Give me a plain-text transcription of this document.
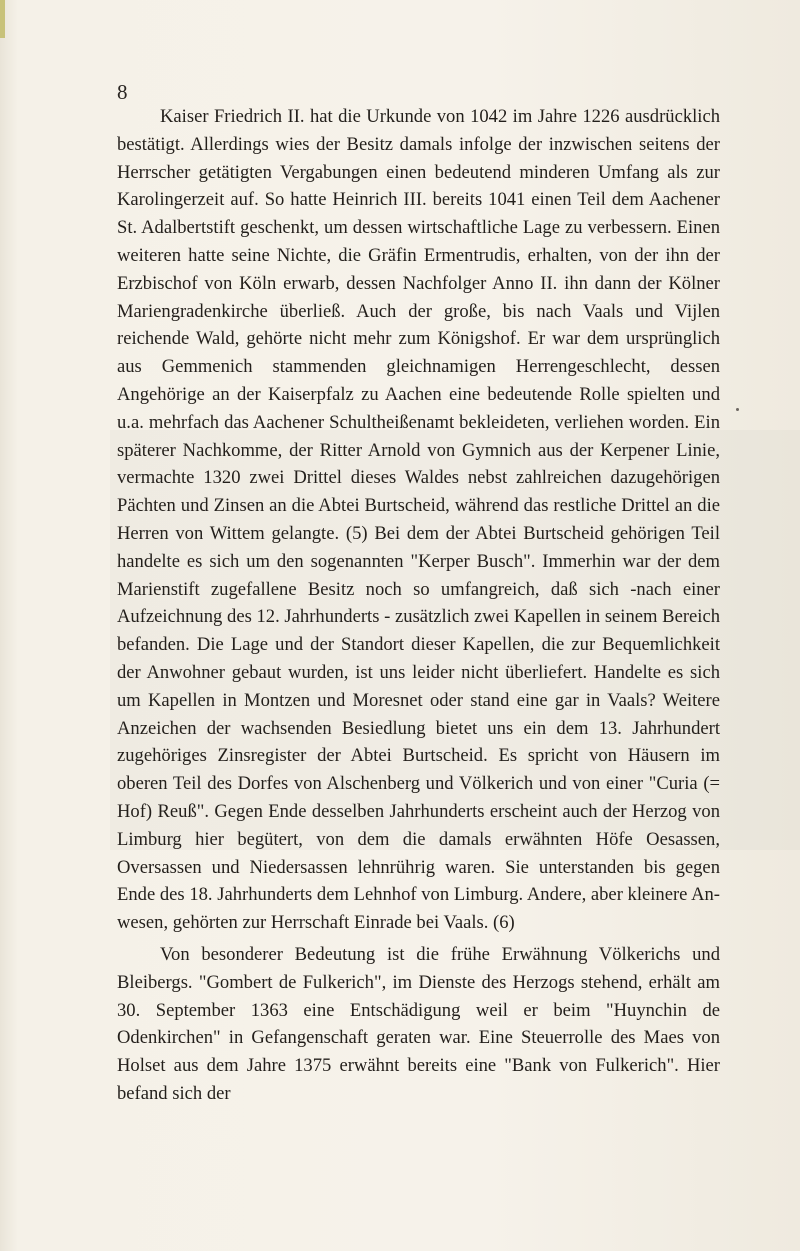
8

Kaiser Friedrich II. hat die Urkunde von 1042 im Jahre 1226 ausdrücklich bestätigt. Allerdings wies der Besitz damals infolge der inzwischen seitens der Herrscher getätigten Vergabungen einen bedeutend minderen Umfang als zur Karolingerzeit auf. So hatte Heinrich III. bereits 1041 einen Teil dem Aachener St. Adalbertstift geschenkt, um dessen wirtschaftliche Lage zu verbessern. Einen weiteren hatte seine Nichte, die Gräfin Ermentrudis, erhalten, von der ihn der Erzbischof von Köln erwarb, dessen Nachfolger Anno II. ihn dann der Kölner Mariengradenkirche überließ. Auch der große, bis nach Vaals und Vijlen reichende Wald, gehörte nicht mehr zum Königshof. Er war dem ursprünglich aus Gemmenich stammenden gleichnamigen Herrengeschlecht, dessen Angehörige an der Kaiserpfalz zu Aachen eine bedeutende Rolle spielten und u.a. mehrfach das Aachener Schultheißenamt bekleideten, verliehen worden. Ein späterer Nachkomme, der Ritter Arnold von Gymnich aus der Kerpener Linie, vermachte 1320 zwei Drittel dieses Waldes nebst zahlreichen dazugehörigen Pächten und Zinsen an die Abtei Burtscheid, während das restliche Drittel an die Herren von Wittem gelangte. (5) Bei dem der Abtei Burtscheid gehörigen Teil handelte es sich um den sogenannten "Kerper Busch". Immerhin war der dem Marienstift zugefallene Besitz noch so umfangreich, daß sich -nach einer Aufzeichnung des 12. Jahrhunderts - zusätzlich zwei Kapellen in seinem Bereich befanden. Die Lage und der Standort dieser Kapellen, die zur Bequemlichkeit der Anwohner gebaut wurden, ist uns leider nicht überliefert. Handelte es sich um Kapellen in Montzen und Moresnet oder stand eine gar in Vaals? Weitere Anzeichen der wachsenden Besiedlung bietet uns ein dem 13. Jahrhundert zugehöriges Zinsregister der Abtei Burtscheid. Es spricht von Häusern im oberen Teil des Dorfes von Alschenberg und Völkerich und von einer "Curia (= Hof) Reuß". Gegen Ende desselben Jahrhunderts erscheint auch der Herzog von Limburg hier begütert, von dem die damals erwähnten Höfe Oesassen, Oversassen und Niedersassen lehnrührig waren. Sie unterstanden bis gegen Ende des 18. Jahrhunderts dem Lehnhof von Limburg. Andere, aber kleinere Anwesen, gehörten zur Herrschaft Einrade bei Vaals. (6)

Von besonderer Bedeutung ist die frühe Erwähnung Völkerichs und Bleibergs. "Gombert de Fulkerich", im Dienste des Herzogs stehend, erhält am 30. September 1363 eine Entschädigung weil er beim "Huynchin de Odenkirchen" in Gefangenschaft geraten war. Eine Steuerrolle des Maes von Holset aus dem Jahre 1375 erwähnt bereits eine "Bank von Fulkerich". Hier befand sich der
